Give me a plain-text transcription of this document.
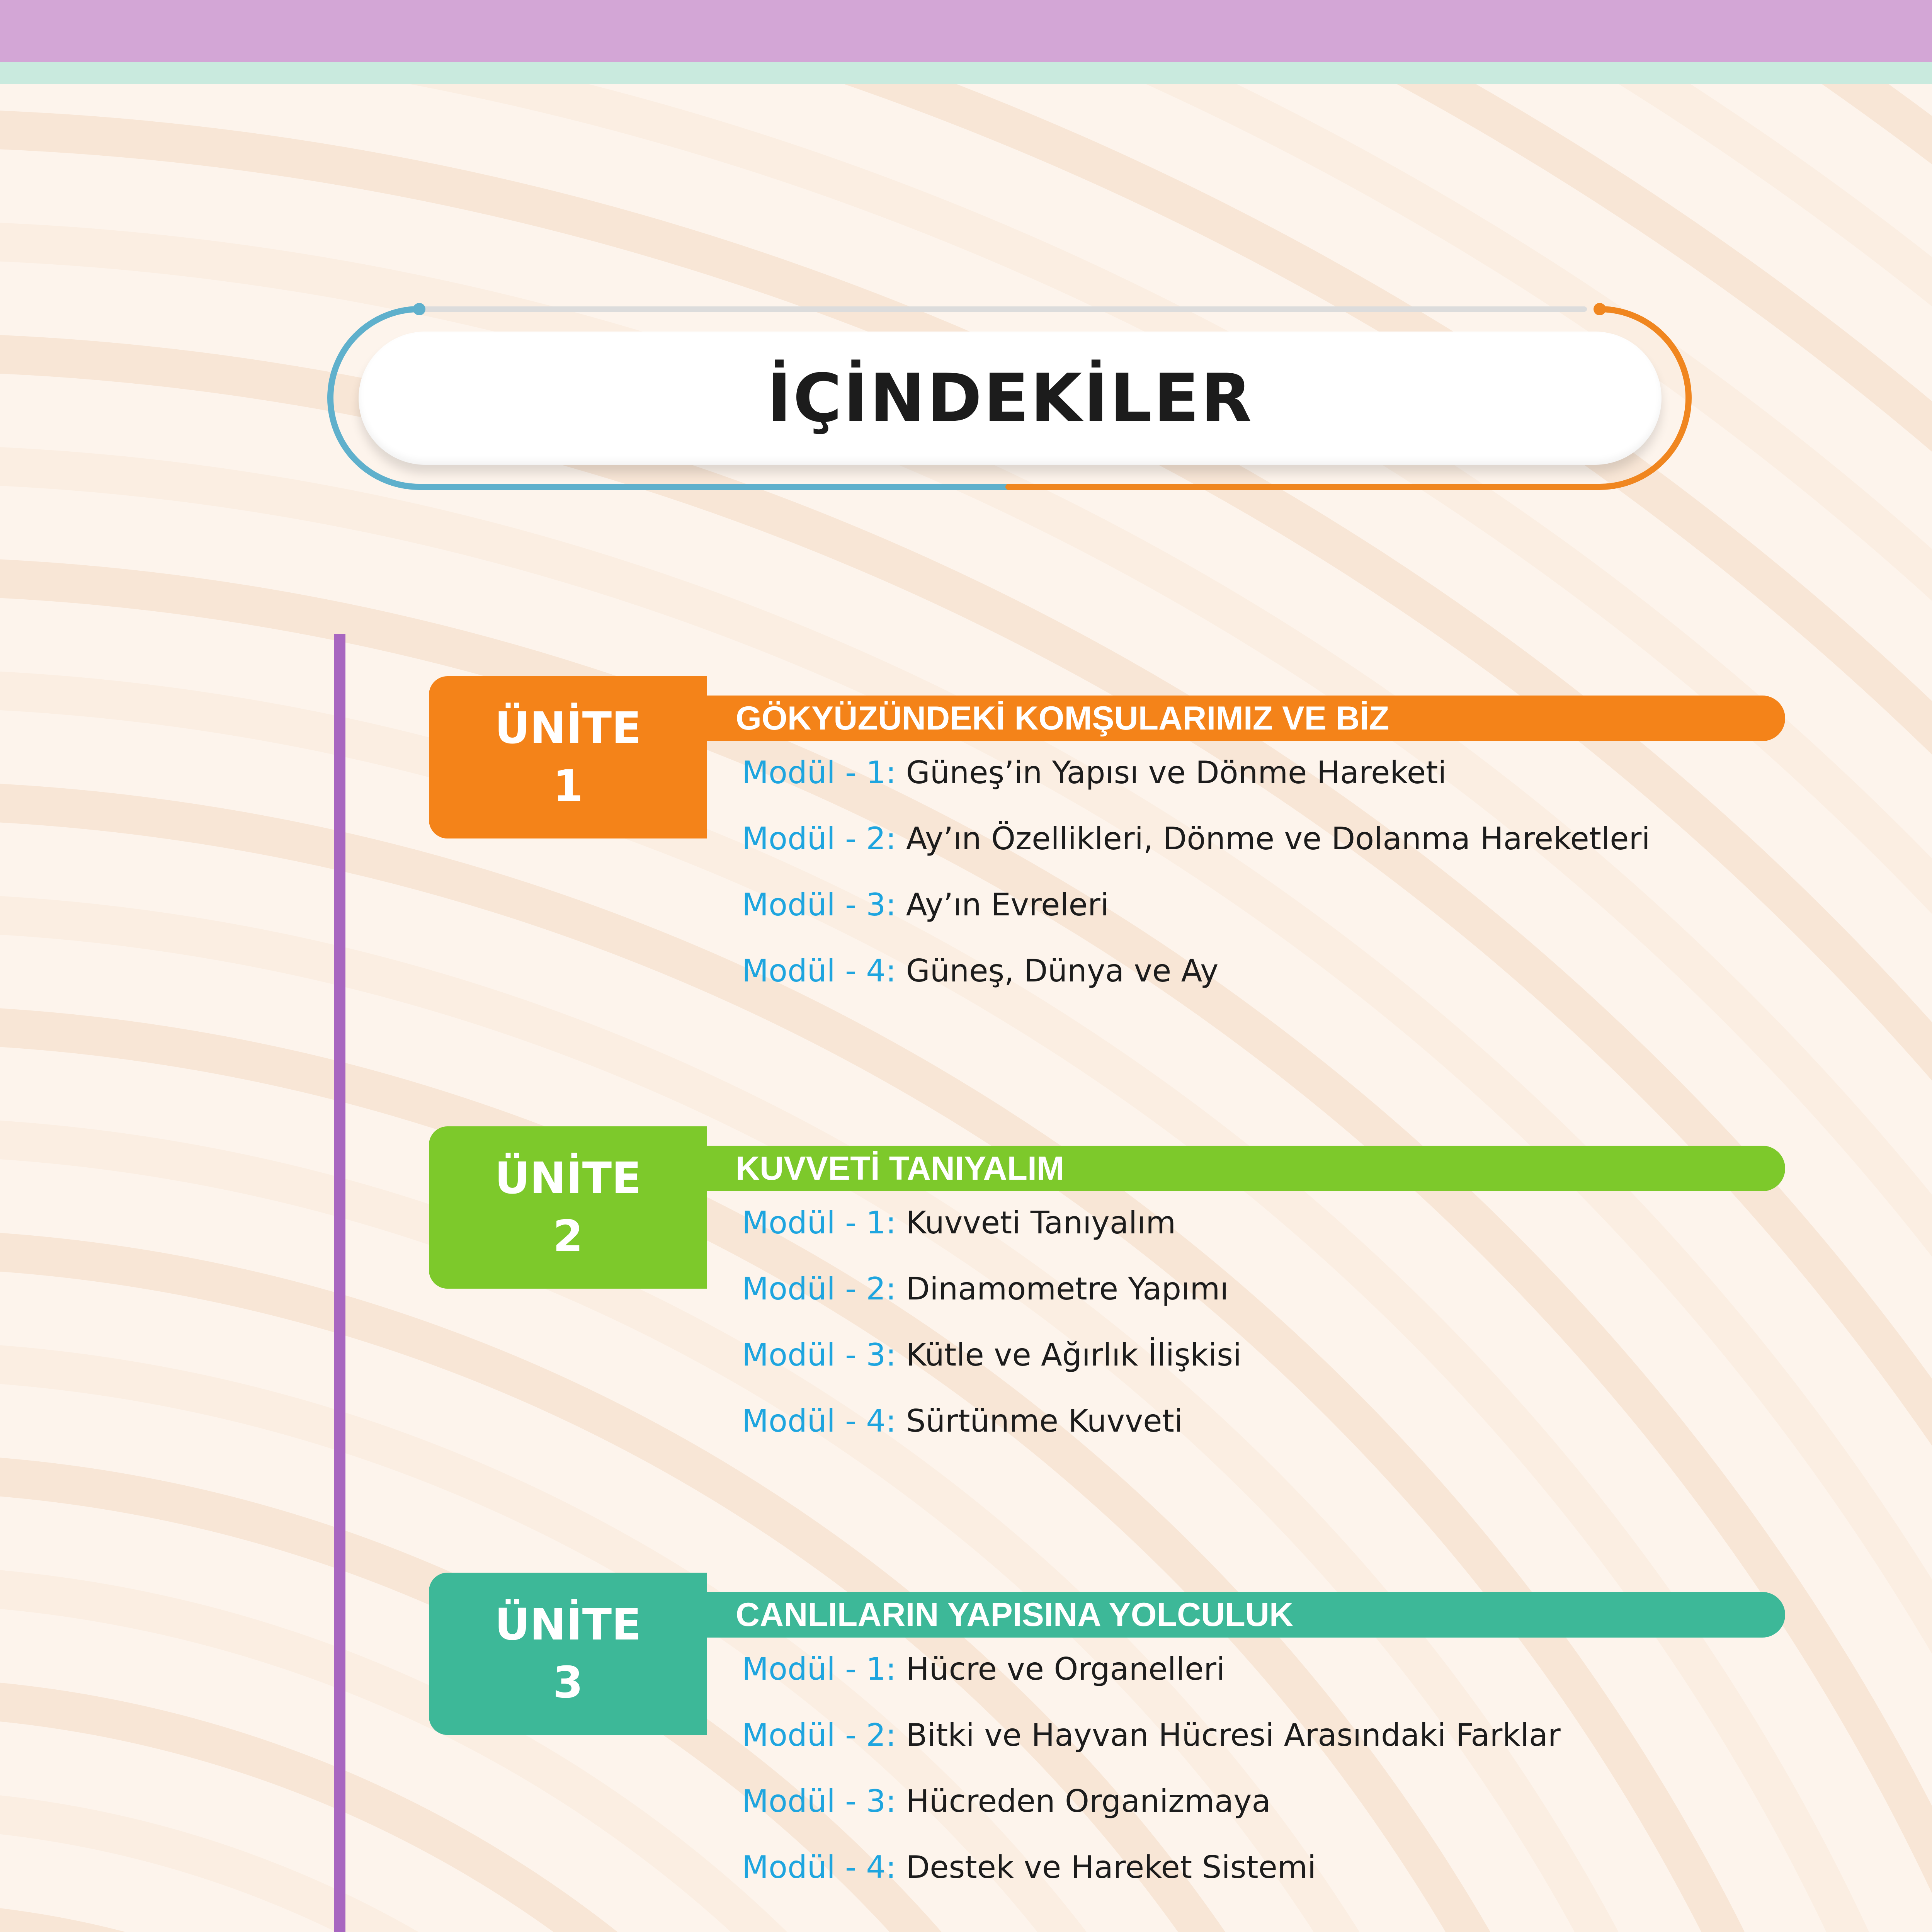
İÇİNDEKİLER
ÜNİTE
1
GÖKYÜZÜNDEKİ KOMŞULARIMIZ VE BİZ
Modül - 1: Güneş’in Yapısı ve Dönme Hareketi
Modül - 2: Ay’ın Özellikleri, Dönme ve Dolanma Hareketleri
Modül - 3: Ay’ın Evreleri
Modül - 4: Güneş, Dünya ve Ay
ÜNİTE
2
KUVVETİ TANIYALIM
Modül - 1: Kuvveti Tanıyalım
Modül - 2: Dinamometre Yapımı
Modül - 3: Kütle ve Ağırlık İlişkisi
Modül - 4: Sürtünme Kuvveti
ÜNİTE
3
CANLILARIN YAPISINA YOLCULUK
Modül - 1: Hücre ve Organelleri
Modül - 2: Bitki ve Hayvan Hücresi Arasındaki Farklar
Modül - 3: Hücreden Organizmaya
Modül - 4: Destek ve Hareket Sistemi
